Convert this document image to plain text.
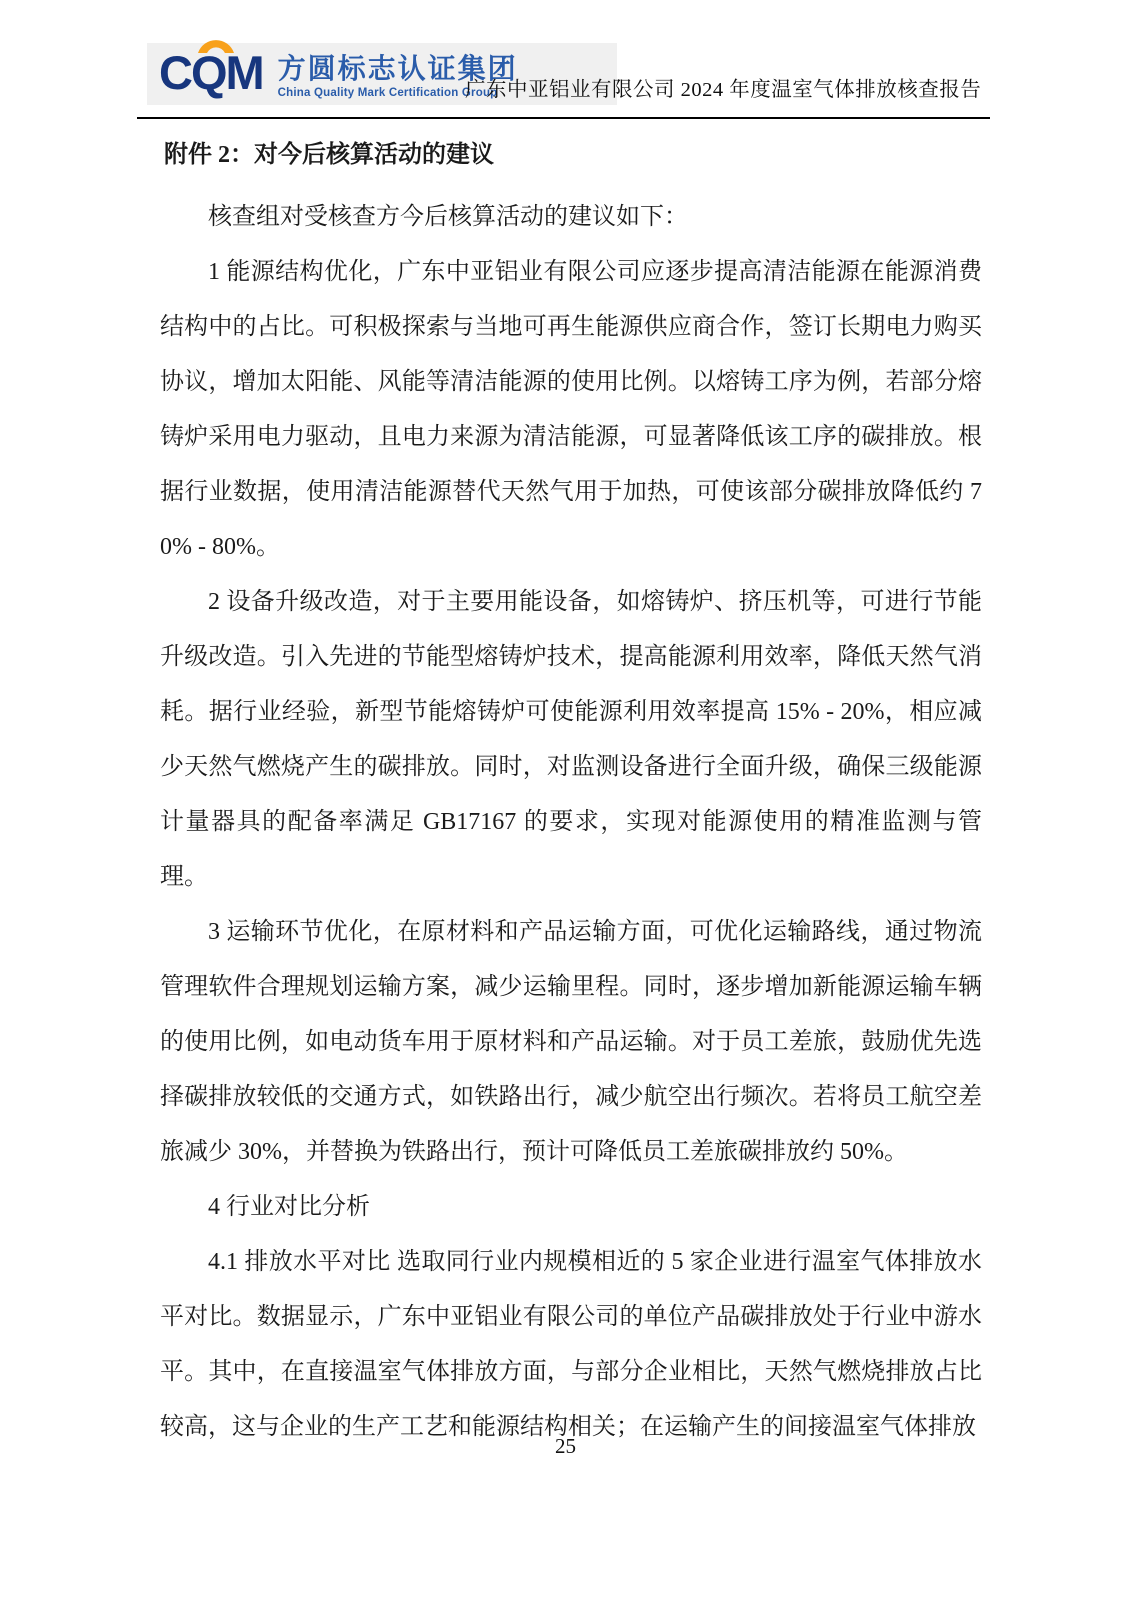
CQM 方圆标志认证集团
China Quality Mark Certification Group
广东中亚铝业有限公司 2024 年度温室气体排放核查报告
附件 2：对今后核算活动的建议

核查组对受核查方今后核算活动的建议如下：

1 能源结构优化，广东中亚铝业有限公司应逐步提高清洁能源在能源消费结构中的占比。可积极探索与当地可再生能源供应商合作，签订长期电力购买协议，增加太阳能、风能等清洁能源的使用比例。以熔铸工序为例，若部分熔铸炉采用电力驱动，且电力来源为清洁能源，可显著降低该工序的碳排放。根据行业数据，使用清洁能源替代天然气用于加热，可使该部分碳排放降低约 70% - 80%。

2 设备升级改造，对于主要用能设备，如熔铸炉、挤压机等，可进行节能升级改造。引入先进的节能型熔铸炉技术，提高能源利用效率，降低天然气消耗。据行业经验，新型节能熔铸炉可使能源利用效率提高 15% - 20%，相应减少天然气燃烧产生的碳排放。同时，对监测设备进行全面升级，确保三级能源计量器具的配备率满足 GB17167 的要求，实现对能源使用的精准监测与管理。

3 运输环节优化，在原材料和产品运输方面，可优化运输路线，通过物流管理软件合理规划运输方案，减少运输里程。同时，逐步增加新能源运输车辆的使用比例，如电动货车用于原材料和产品运输。对于员工差旅，鼓励优先选择碳排放较低的交通方式，如铁路出行，减少航空出行频次。若将员工航空差旅减少 30%，并替换为铁路出行，预计可降低员工差旅碳排放约 50%。

4 行业对比分析

4.1 排放水平对比 选取同行业内规模相近的 5 家企业进行温室气体排放水平对比。数据显示，广东中亚铝业有限公司的单位产品碳排放处于行业中游水平。其中，在直接温室气体排放方面，与部分企业相比，天然气燃烧排放占比较高，这与企业的生产工艺和能源结构相关；在运输产生的间接温室气体排放

25
